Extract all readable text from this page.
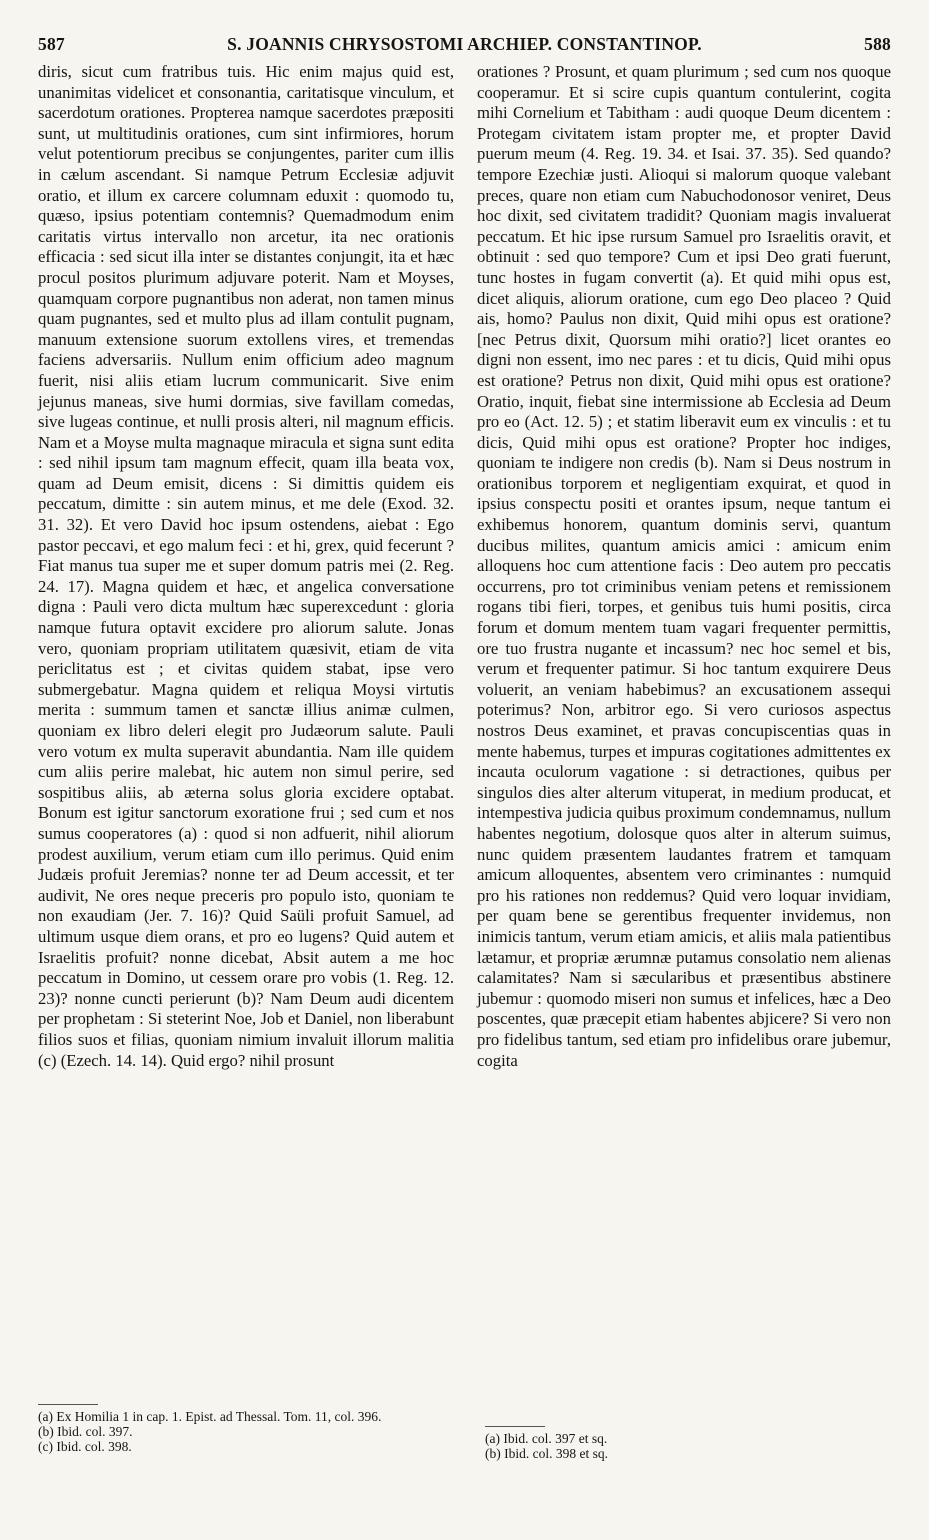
587	S. JOANNIS CHRYSOSTOMI ARCHIEP. CONSTANTINOP.	588

diris, sicut cum fratribus tuis. Hic enim majus quid est, unanimitas videlicet et consonantia, caritatisque vinculum, et sacerdotum orationes. Propterea namque sacerdotes præpositi sunt, ut multitudinis orationes, cum sint infirmiores, horum velut potentiorum precibus se conjungentes, pariter cum illis in cælum ascendant. Si namque Petrum Ecclesiæ adjuvit oratio, et illum ex carcere columnam eduxit : quomodo tu, quæso, ipsius potentiam contemnis? Quemadmodum enim caritatis virtus intervallo non arcetur, ita nec orationis efficacia : sed sicut illa inter se distantes conjungit, ita et hæc procul positos plurimum adjuvare poterit. Nam et Moyses, quamquam corpore pugnantibus non aderat, non tamen minus quam pugnantes, sed et multo plus ad illam contulit pugnam, manuum extensione suorum extollens vires, et tremendas faciens adversariis. Nullum enim officium adeo magnum fuerit, nisi aliis etiam lucrum communicarit. Sive enim jejunus maneas, sive humi dormias, sive favillam comedas, sive lugeas continue, et nulli prosis alteri, nil magnum efficis. Nam et a Moyse multa magnaque miracula et signa sunt edita : sed nihil ipsum tam magnum effecit, quam illa beata vox, quam ad Deum emisit, dicens : Si dimittis quidem eis peccatum, dimitte : sin autem minus, et me dele (Exod. 32. 31. 32). Et vero David hoc ipsum ostendens, aiebat : Ego pastor peccavi, et ego malum feci : et hi, grex, quid fecerunt ? Fiat manus tua super me et super domum patris mei (2. Reg. 24. 17). Magna quidem et hæc, et angelica conversatione digna : Pauli vero dicta multum hæc superexcedunt : gloria namque futura optavit excidere pro aliorum salute. Jonas vero, quoniam propriam utilitatem quæsivit, etiam de vita periclitatus est ; et civitas quidem stabat, ipse vero submergebatur. Magna quidem et reliqua Moysi virtutis merita : summum tamen et sanctæ illius animæ culmen, quoniam ex libro deleri elegit pro Judæorum salute. Pauli vero votum ex multa superavit abundantia. Nam ille quidem cum aliis perire malebat, hic autem non simul perire, sed sospitibus aliis, ab æterna solus gloria excidere optabat. Bonum est igitur sanctorum exoratione frui ; sed cum et nos sumus cooperatores (a) : quod si non adfuerit, nihil aliorum prodest auxilium, verum etiam cum illo perimus. Quid enim Judæis profuit Jeremias? nonne ter ad Deum accessit, et ter audivit, Ne ores neque preceris pro populo isto, quoniam te non exaudiam (Jer. 7. 16)? Quid Saüli profuit Samuel, ad ultimum usque diem orans, et pro eo lugens? Quid autem et Israelitis profuit? nonne dicebat, Absit autem a me hoc peccatum in Domino, ut cessem orare pro vobis (1. Reg. 12. 23)? nonne cuncti perierunt (b)? Nam Deum audi dicentem per prophetam : Si steterint Noe, Job et Daniel, non liberabunt filios suos et filias, quoniam nimium invaluit illorum malitia (c) (Ezech. 14. 14). Quid ergo? nihil prosunt

orationes ? Prosunt, et quam plurimum ; sed cum nos quoque cooperamur. Et si scire cupis quantum contulerint, cogita mihi Cornelium et Tabitham : audi quoque Deum dicentem : Protegam civitatem istam propter me, et propter David puerum meum (4. Reg. 19. 34. et Isai. 37. 35). Sed quando? tempore Ezechiæ justi. Alioqui si malorum quoque valebant preces, quare non etiam cum Nabuchodonosor veniret, Deus hoc dixit, sed civitatem tradidit? Quoniam magis invaluerat peccatum. Et hic ipse rursum Samuel pro Israelitis oravit, et obtinuit : sed quo tempore? Cum et ipsi Deo grati fuerunt, tunc hostes in fugam convertit (a). Et quid mihi opus est, dicet aliquis, aliorum oratione, cum ego Deo placeo ? Quid ais, homo? Paulus non dixit, Quid mihi opus est oratione? [nec Petrus dixit, Quorsum mihi oratio?] licet orantes eo digni non essent, imo nec pares : et tu dicis, Quid mihi opus est oratione? Petrus non dixit, Quid mihi opus est oratione? Oratio, inquit, fiebat sine intermissione ab Ecclesia ad Deum pro eo (Act. 12. 5) ; et statim liberavit eum ex vinculis : et tu dicis, Quid mihi opus est oratione? Propter hoc indiges, quoniam te indigere non credis (b). Nam si Deus nostrum in orationibus torporem et negligentiam exquirat, et quod in ipsius conspectu positi et orantes ipsum, neque tantum ei exhibemus honorem, quantum dominis servi, quantum ducibus milites, quantum amicis amici : amicum enim alloquens hoc cum attentione facis : Deo autem pro peccatis occurrens, pro tot criminibus veniam petens et remissionem rogans tibi fieri, torpes, et genibus tuis humi positis, circa forum et domum mentem tuam vagari frequenter permittis, ore tuo frustra nugante et incassum? nec hoc semel et bis, verum et frequenter patimur. Si hoc tantum exquirere Deus voluerit, an veniam habebimus? an excusationem assequi poterimus? Non, arbitror ego. Si vero curiosos aspectus nostros Deus examinet, et pravas concupiscentias quas in mente habemus, turpes et impuras cogitationes admittentes ex incauta oculorum vagatione : si detractiones, quibus per singulos dies alter alterum vituperat, in medium producat, et intempestiva judicia quibus proximum condemnamus, nullum habentes negotium, dolosque quos alter in alterum suimus, nunc quidem præsentem laudantes fratrem et tamquam amicum alloquentes, absentem vero criminantes : numquid pro his rationes non reddemus? Quid vero loquar invidiam, per quam bene se gerentibus frequenter invidemus, non inimicis tantum, verum etiam amicis, et aliis mala patientibus lætamur, et propriæ ærumnæ putamus consolatio nem alienas calamitates? Nam si sæcularibus et præsentibus abstinere jubemur : quomodo miseri non sumus et infelices, hæc a Deo poscentes, quæ præcepit etiam habentes abjicere? Si vero non pro fidelibus tantum, sed etiam pro infidelibus orare jubemur, cogita

(a) Ex Homilia 1 in cap. 1. Epist. ad Thessal. Tom. 11, col. 396.
(b) Ibid. col. 397.
(c) Ibid. col. 398.
(a) Ibid. col. 397 et sq.
(b) Ibid. col. 398 et sq.
